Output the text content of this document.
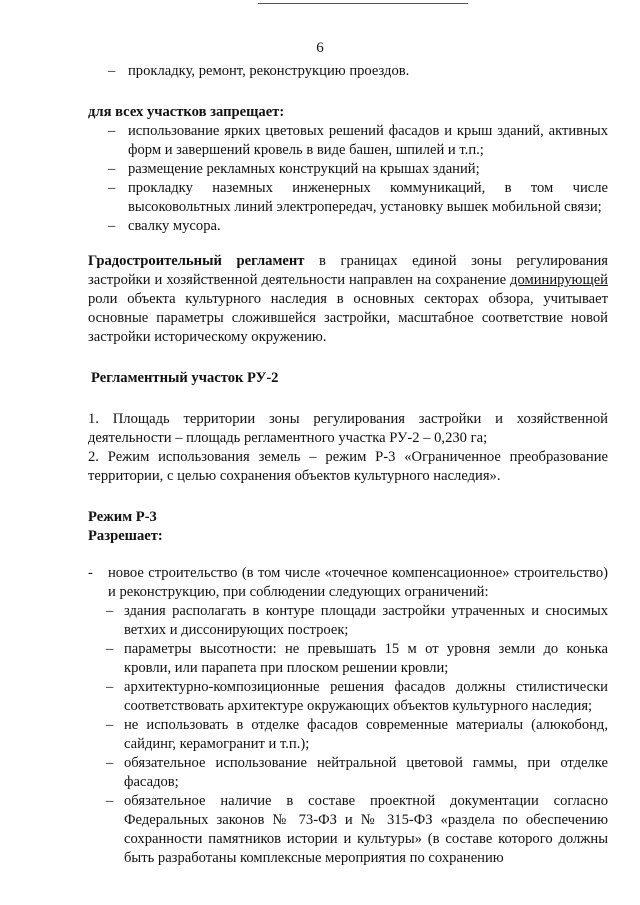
6
– прокладку, ремонт, реконструкцию проездов.
для всех участков запрещает:
– использование ярких цветовых решений фасадов и крыш зданий, активных форм и завершений кровель в виде башен, шпилей и т.п.;
– размещение рекламных конструкций на крышах зданий;
– прокладку наземных инженерных коммуникаций, в том числе высоковольтных линий электропередач, установку вышек мобильной связи;
– свалку мусора.

Градостроительный регламент в границах единой зоны регулирования застройки и хозяйственной деятельности направлен на сохранение доминирующей роли объекта культурного наследия в основных секторах обзора, учитывает основные параметры сложившейся застройки, масштабное соответствие новой застройки историческому окружению.

Регламентный участок РУ-2

1. Площадь территории зоны регулирования застройки и хозяйственной деятельности – площадь регламентного участка РУ-2 – 0,230 га;

2. Режим использования земель – режим Р-3 «Ограниченное преобразование территории, с целью сохранения объектов культурного наследия».

Режим Р-3
Разрешает:
- новое строительство (в том числе «точечное компенсационное» строительство) и реконструкцию, при соблюдении следующих ограничений:
– здания располагать в контуре площади застройки утраченных и сносимых ветхих и диссонирующих построек;
– параметры высотности: не превышать 15 м от уровня земли до конька кровли, или парапета при плоском решении кровли;
– архитектурно-композиционные решения фасадов должны стилистически соответствовать архитектуре окружающих объектов культурного наследия;
– не использовать в отделке фасадов современные материалы (алюкобонд, сайдинг, керамогранит и т.п.);
– обязательное использование нейтральной цветовой гаммы, при отделке фасадов;
– обязательное наличие в составе проектной документации согласно Федеральных законов № 73-ФЗ и № 315-ФЗ «раздела по обеспечению сохранности памятников истории и культуры» (в составе которого должны быть разработаны комплексные мероприятия по сохранению
